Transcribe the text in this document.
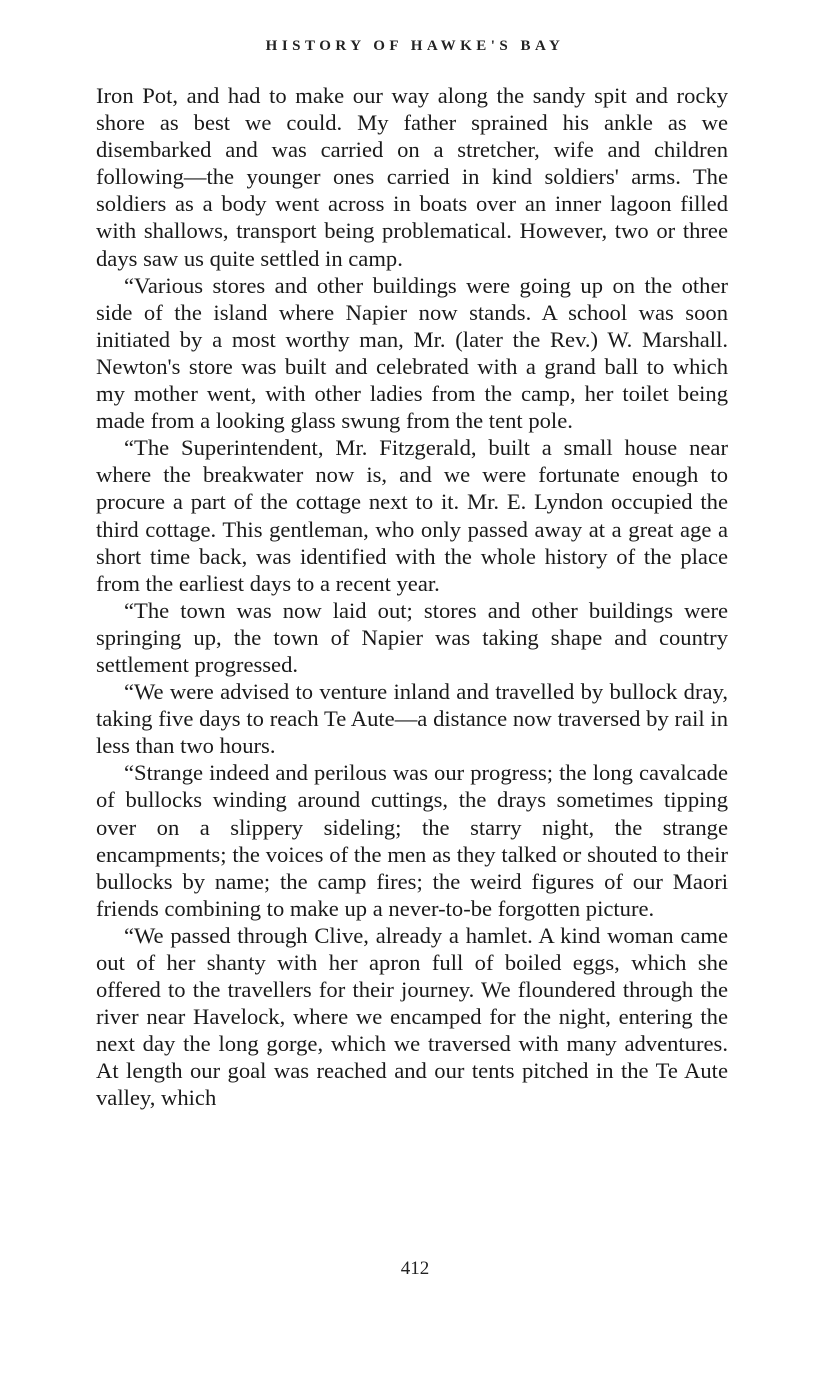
HISTORY OF HAWKE'S BAY

Iron Pot, and had to make our way along the sandy spit and rocky shore as best we could. My father sprained his ankle as we disembarked and was carried on a stretcher, wife and children following—the younger ones carried in kind soldiers' arms. The soldiers as a body went across in boats over an inner lagoon filled with shallows, transport being problematical. However, two or three days saw us quite settled in camp.

“Various stores and other buildings were going up on the other side of the island where Napier now stands. A school was soon initiated by a most worthy man, Mr. (later the Rev.) W. Marshall. Newton's store was built and celebrated with a grand ball to which my mother went, with other ladies from the camp, her toilet being made from a looking glass swung from the tent pole.

“The Superintendent, Mr. Fitzgerald, built a small house near where the breakwater now is, and we were fortunate enough to procure a part of the cottage next to it. Mr. E. Lyndon occupied the third cottage. This gentleman, who only passed away at a great age a short time back, was identified with the whole history of the place from the earliest days to a recent year.

“The town was now laid out; stores and other buildings were springing up, the town of Napier was taking shape and country settlement progressed.

“We were advised to venture inland and travelled by bullock dray, taking five days to reach Te Aute—a distance now traversed by rail in less than two hours.

“Strange indeed and perilous was our progress; the long cavalcade of bullocks winding around cuttings, the drays sometimes tipping over on a slippery sideling; the starry night, the strange encampments; the voices of the men as they talked or shouted to their bullocks by name; the camp fires; the weird figures of our Maori friends combining to make up a never-to-be forgotten picture.

“We passed through Clive, already a hamlet. A kind woman came out of her shanty with her apron full of boiled eggs, which she offered to the travellers for their journey. We floundered through the river near Havelock, where we encamped for the night, entering the next day the long gorge, which we traversed with many adventures. At length our goal was reached and our tents pitched in the Te Aute valley, which

412
